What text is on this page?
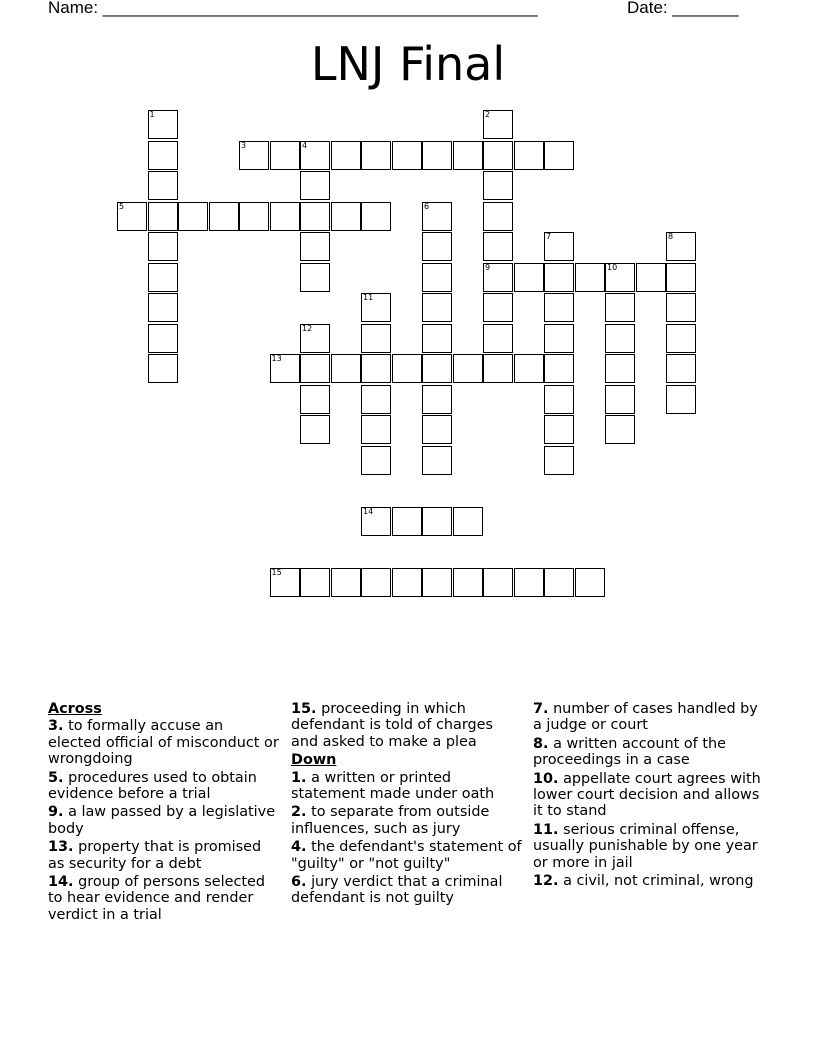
Name: ______________________________________________	Date: _______
LNJ Final
1	2
9
3	4
5	6
7	8
10
11
12
13
14
15
Across
3. to formally accuse an elected official of misconduct or wrongdoing
5. procedures used to obtain evidence before a trial
9. a law passed by a legislative body
13. property that is promised as security for a debt
14. group of persons selected to hear evidence and render verdict in a trial
15. proceeding in which defendant is told of charges and asked to make a plea
Down
1. a written or printed statement made under oath
2. to separate from outside influences, such as jury
4. the defendant's statement of "guilty" or "not guilty"
6. jury verdict that a criminal defendant is not guilty
7. number of cases handled by a judge or court
8. a written account of the proceedings in a case
10. appellate court agrees with lower court decision and allows it to stand
11. serious criminal offense, usually punishable by one year or more in jail
12. a civil, not criminal, wrong
